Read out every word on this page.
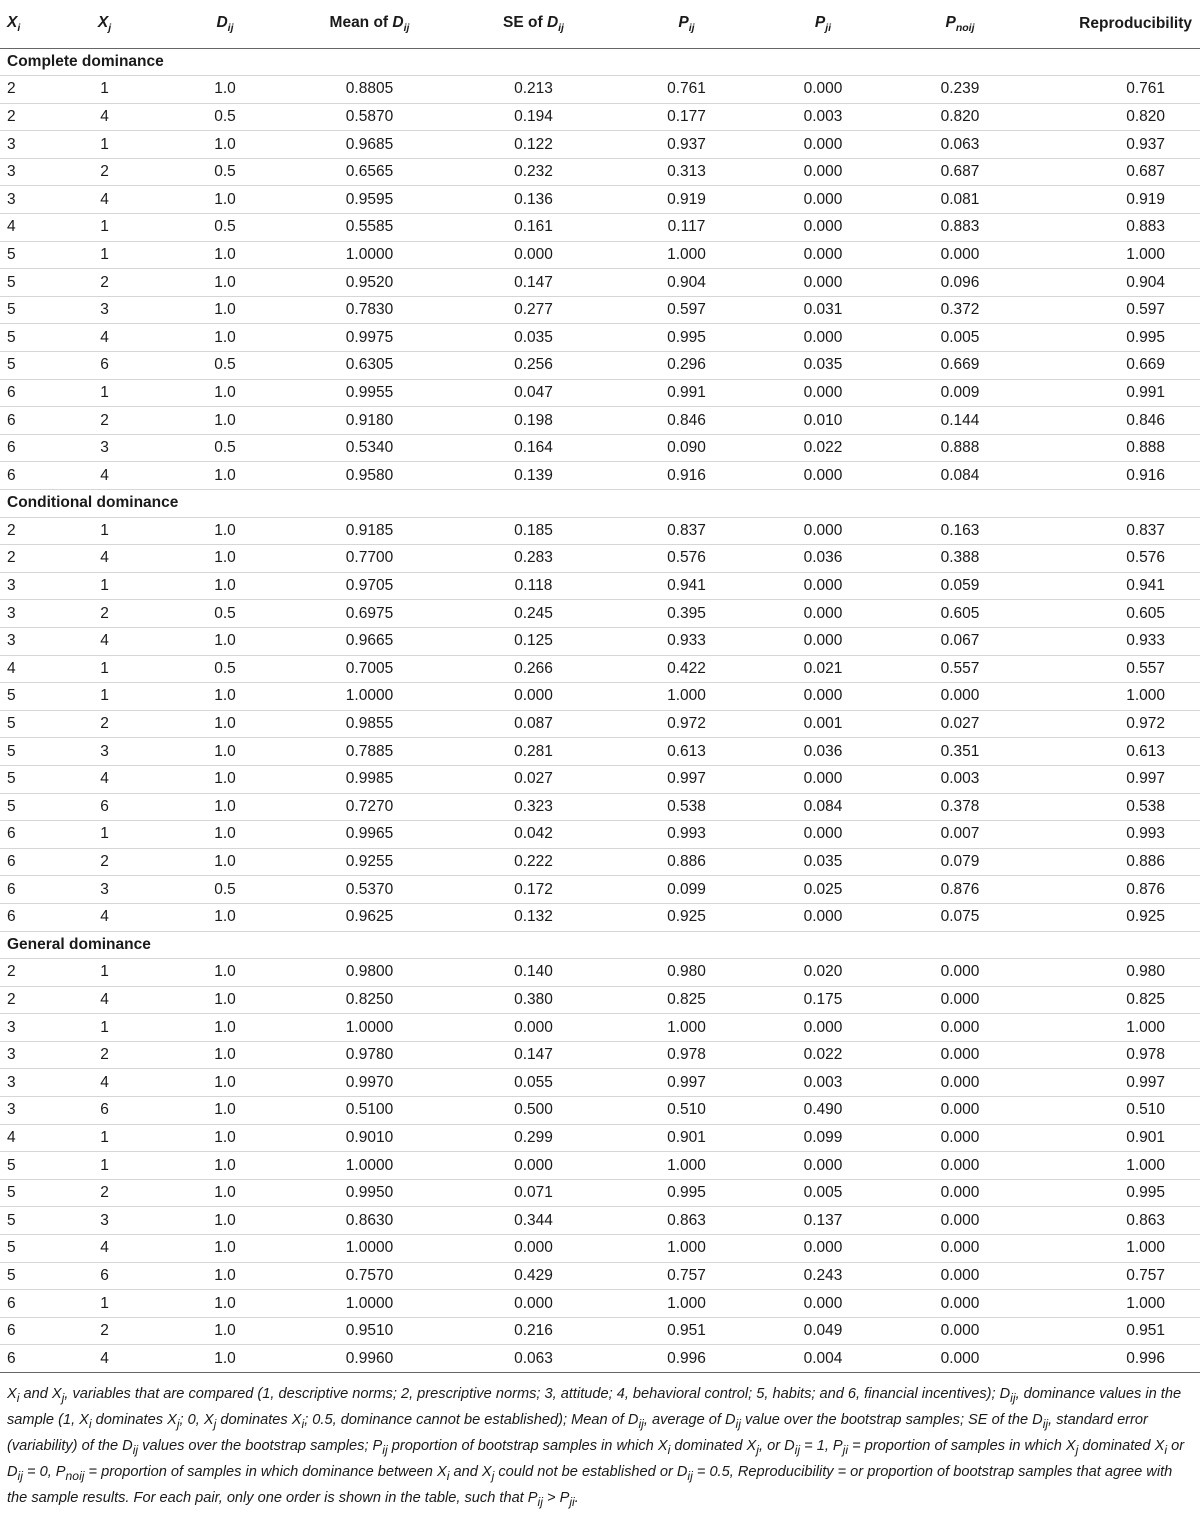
$X_i$	$X_j$	$D_{ij}$	Mean of $D_{ij}$	SE of $D_{ij}$	$P_{ij}$	$P_{ji}$	$P_{noij}$	Reproducibility
Complete dominance								
2	1	1.0	0.8805	0.213	0.761	0.000	0.239	0.761
2	4	0.5	0.5870	0.194	0.177	0.003	0.820	0.820
3	1	1.0	0.9685	0.122	0.937	0.000	0.063	0.937
3	2	0.5	0.6565	0.232	0.313	0.000	0.687	0.687
3	4	1.0	0.9595	0.136	0.919	0.000	0.081	0.919
4	1	0.5	0.5585	0.161	0.117	0.000	0.883	0.883
5	1	1.0	1.0000	0.000	1.000	0.000	0.000	1.000
5	2	1.0	0.9520	0.147	0.904	0.000	0.096	0.904
5	3	1.0	0.7830	0.277	0.597	0.031	0.372	0.597
5	4	1.0	0.9975	0.035	0.995	0.000	0.005	0.995
5	6	0.5	0.6305	0.256	0.296	0.035	0.669	0.669
6	1	1.0	0.9955	0.047	0.991	0.000	0.009	0.991
6	2	1.0	0.9180	0.198	0.846	0.010	0.144	0.846
6	3	0.5	0.5340	0.164	0.090	0.022	0.888	0.888
6	4	1.0	0.9580	0.139	0.916	0.000	0.084	0.916
Conditional dominance								
2	1	1.0	0.9185	0.185	0.837	0.000	0.163	0.837
2	4	1.0	0.7700	0.283	0.576	0.036	0.388	0.576
3	1	1.0	0.9705	0.118	0.941	0.000	0.059	0.941
3	2	0.5	0.6975	0.245	0.395	0.000	0.605	0.605
3	4	1.0	0.9665	0.125	0.933	0.000	0.067	0.933
4	1	0.5	0.7005	0.266	0.422	0.021	0.557	0.557
5	1	1.0	1.0000	0.000	1.000	0.000	0.000	1.000
5	2	1.0	0.9855	0.087	0.972	0.001	0.027	0.972
5	3	1.0	0.7885	0.281	0.613	0.036	0.351	0.613
5	4	1.0	0.9985	0.027	0.997	0.000	0.003	0.997
5	6	1.0	0.7270	0.323	0.538	0.084	0.378	0.538
6	1	1.0	0.9965	0.042	0.993	0.000	0.007	0.993
6	2	1.0	0.9255	0.222	0.886	0.035	0.079	0.886
6	3	0.5	0.5370	0.172	0.099	0.025	0.876	0.876
6	4	1.0	0.9625	0.132	0.925	0.000	0.075	0.925
General dominance								
2	1	1.0	0.9800	0.140	0.980	0.020	0.000	0.980
2	4	1.0	0.8250	0.380	0.825	0.175	0.000	0.825
3	1	1.0	1.0000	0.000	1.000	0.000	0.000	1.000
3	2	1.0	0.9780	0.147	0.978	0.022	0.000	0.978
3	4	1.0	0.9970	0.055	0.997	0.003	0.000	0.997
3	6	1.0	0.5100	0.500	0.510	0.490	0.000	0.510
4	1	1.0	0.9010	0.299	0.901	0.099	0.000	0.901
5	1	1.0	1.0000	0.000	1.000	0.000	0.000	1.000
5	2	1.0	0.9950	0.071	0.995	0.005	0.000	0.995
5	3	1.0	0.8630	0.344	0.863	0.137	0.000	0.863
5	4	1.0	1.0000	0.000	1.000	0.000	0.000	1.000
5	6	1.0	0.7570	0.429	0.757	0.243	0.000	0.757
6	1	1.0	1.0000	0.000	1.000	0.000	0.000	1.000
6	2	1.0	0.9510	0.216	0.951	0.049	0.000	0.951
6	4	1.0	0.9960	0.063	0.996	0.004	0.000	0.996
$X_i$ and $X_j$, variables that are compared (1, descriptive norms; 2, prescriptive norms; 3, attitude; 4, behavioral control; 5, habits; and 6, financial incentives); $D_{ij}$, dominance values in the sample (1, $X_i$ dominates $X_j$; 0, $X_j$ dominates $X_i$; 0.5, dominance cannot be established); Mean of $D_{ij}$, average of $D_{ij}$ value over the bootstrap samples; SE of the $D_{ij}$, standard error (variability) of the $D_{ij}$ values over the bootstrap samples; $P_{ij}$ proportion of bootstrap samples in which $X_i$ dominated $X_j$, or $D_{ij} = 1$, $P_{ji}$ = proportion of samples in which $X_j$ dominated $X_i$ or $D_{ij} = 0$, $P_{noij}$ = proportion of samples in which dominance between $X_i$ and $X_j$ could not be established or $D_{ij} = 0.5$, Reproducibility = or proportion of bootstrap samples that agree with the sample results. For each pair, only one order is shown in the table, such that $P_{ij} > P_{ji}$.
